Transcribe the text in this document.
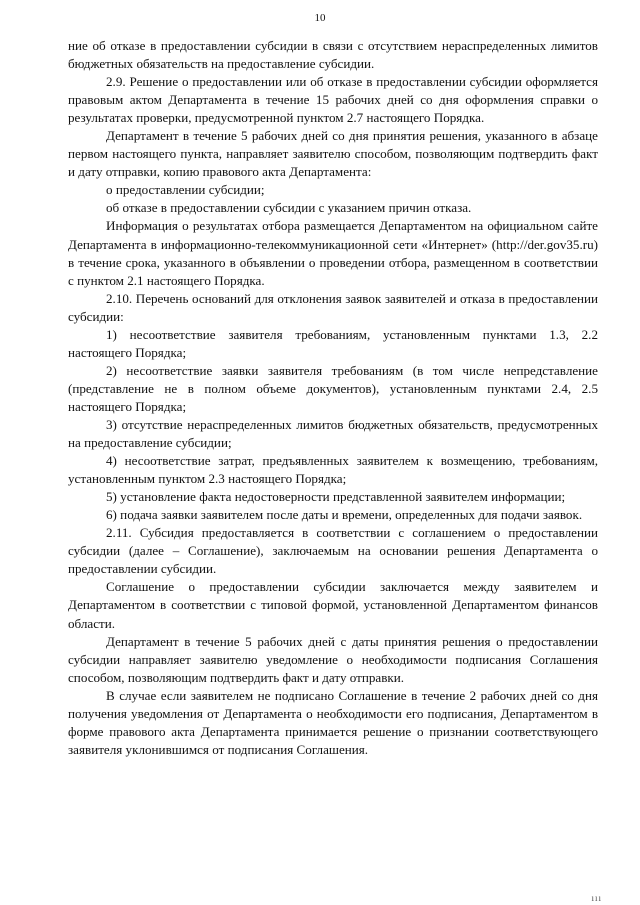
10

ние об отказе в предоставлении субсидии в связи с отсутствием нераспределенных лимитов бюджетных обязательств на предоставление субсидии.

2.9. Решение о предоставлении или об отказе в предоставлении субсидии оформляется правовым актом Департамента в течение 15 рабочих дней со дня оформления справки о результатах проверки, предусмотренной пунктом 2.7 настоящего Порядка.

Департамент в течение 5 рабочих дней со дня принятия решения, указанного в абзаце первом настоящего пункта, направляет заявителю способом, позволяющим подтвердить факт и дату отправки, копию правового акта Департамента:

о предоставлении субсидии;

об отказе в предоставлении субсидии с указанием причин отказа.

Информация о результатах отбора размещается Департаментом на официальном сайте Департамента в информационно-телекоммуникационной сети «Интернет» (http://der.gov35.ru) в течение срока, указанного в объявлении о проведении отбора, размещенном в соответствии с пунктом 2.1 настоящего Порядка.

2.10. Перечень оснований для отклонения заявок заявителей и отказа в предоставлении субсидии:

1) несоответствие заявителя требованиям, установленным пунктами 1.3, 2.2 настоящего Порядка;

2) несоответствие заявки заявителя требованиям (в том числе непредставление (представление не в полном объеме документов), установленным пунктами 2.4, 2.5 настоящего Порядка;

3) отсутствие нераспределенных лимитов бюджетных обязательств, предусмотренных на предоставление субсидии;

4) несоответствие затрат, предъявленных заявителем к возмещению, требованиям, установленным пунктом 2.3 настоящего Порядка;

5) установление факта недостоверности представленной заявителем информации;

6) подача заявки заявителем после даты и времени, определенных для подачи заявок.

2.11. Субсидия предоставляется в соответствии с соглашением о предоставлении субсидии (далее – Соглашение), заключаемым на основании решения Департамента о предоставлении субсидии.

Соглашение о предоставлении субсидии заключается между заявителем и Департаментом в соответствии с типовой формой, установленной Департаментом финансов области.

Департамент в течение 5 рабочих дней с даты принятия решения о предоставлении субсидии направляет заявителю уведомление о необходимости подписания Соглашения способом, позволяющим подтвердить факт и дату отправки.

В случае если заявителем не подписано Соглашение в течение 2 рабочих дней со дня получения уведомления от Департамента о необходимости его подписания, Департаментом в форме правового акта Департамента принимается решение о признании соответствующего заявителя уклонившимся от подписания Соглашения.

ııı
